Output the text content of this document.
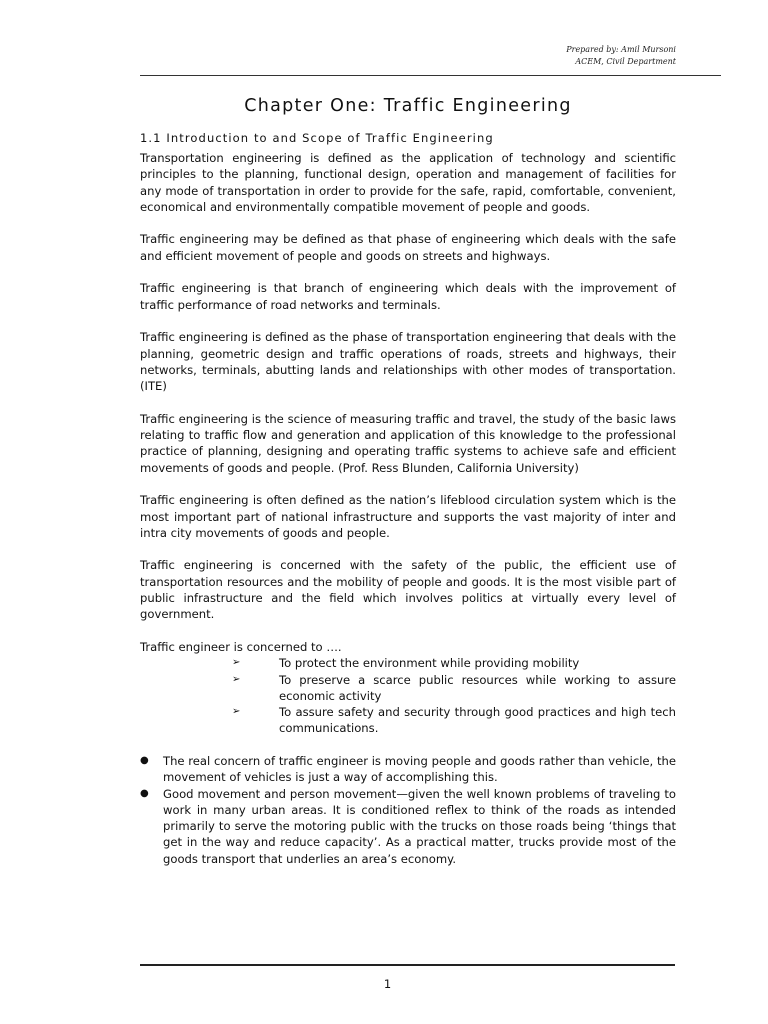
Prepared by: Amil Mursoni
ACEM, Civil Department
Chapter One: Traffic Engineering
1.1 Introduction to and Scope of Traffic Engineering

Transportation engineering is defined as the application of technology and scientific principles to the planning, functional design, operation and management of facilities for any mode of transportation in order to provide for the safe, rapid, comfortable, convenient, economical and environmentally compatible movement of people and goods.

Traffic engineering may be defined as that phase of engineering which deals with the safe and efficient movement of people and goods on streets and highways.

Traffic engineering is that branch of engineering which deals with the improvement of traffic performance of road networks and terminals.

Traffic engineering is defined as the phase of transportation engineering that deals with the planning, geometric design and traffic operations of roads, streets and highways, their networks, terminals, abutting lands and relationships with other modes of transportation. (ITE)

Traffic engineering is the science of measuring traffic and travel, the study of the basic laws relating to traffic flow and generation and application of this knowledge to the professional practice of planning, designing and operating traffic systems to achieve safe and efficient movements of goods and people. (Prof. Ress Blunden, California University)

Traffic engineering is often defined as the nation’s lifeblood circulation system which is the most important part of national infrastructure and supports the vast majority of inter and intra city movements of goods and people.

Traffic engineering is concerned with the safety of the public, the efficient use of transportation resources and the mobility of people and goods. It is the most visible part of public infrastructure and the field which involves politics at virtually every level of government.

Traffic engineer is concerned to ….

➢	To protect the environment while providing mobility
➢	To preserve a scarce public resources while working to assure economic activity
➢	To assure safety and security through good practices and high tech communications.
● The real concern of traffic engineer is moving people and goods rather than vehicle, the movement of vehicles is just a way of accomplishing this.
● Good movement and person movement—given the well known problems of traveling to work in many urban areas. It is conditioned reflex to think of the roads as intended primarily to serve the motoring public with the trucks on those roads being ‘things that get in the way and reduce capacity’. As a practical matter, trucks provide most of the goods transport that underlies an area’s economy.
1
